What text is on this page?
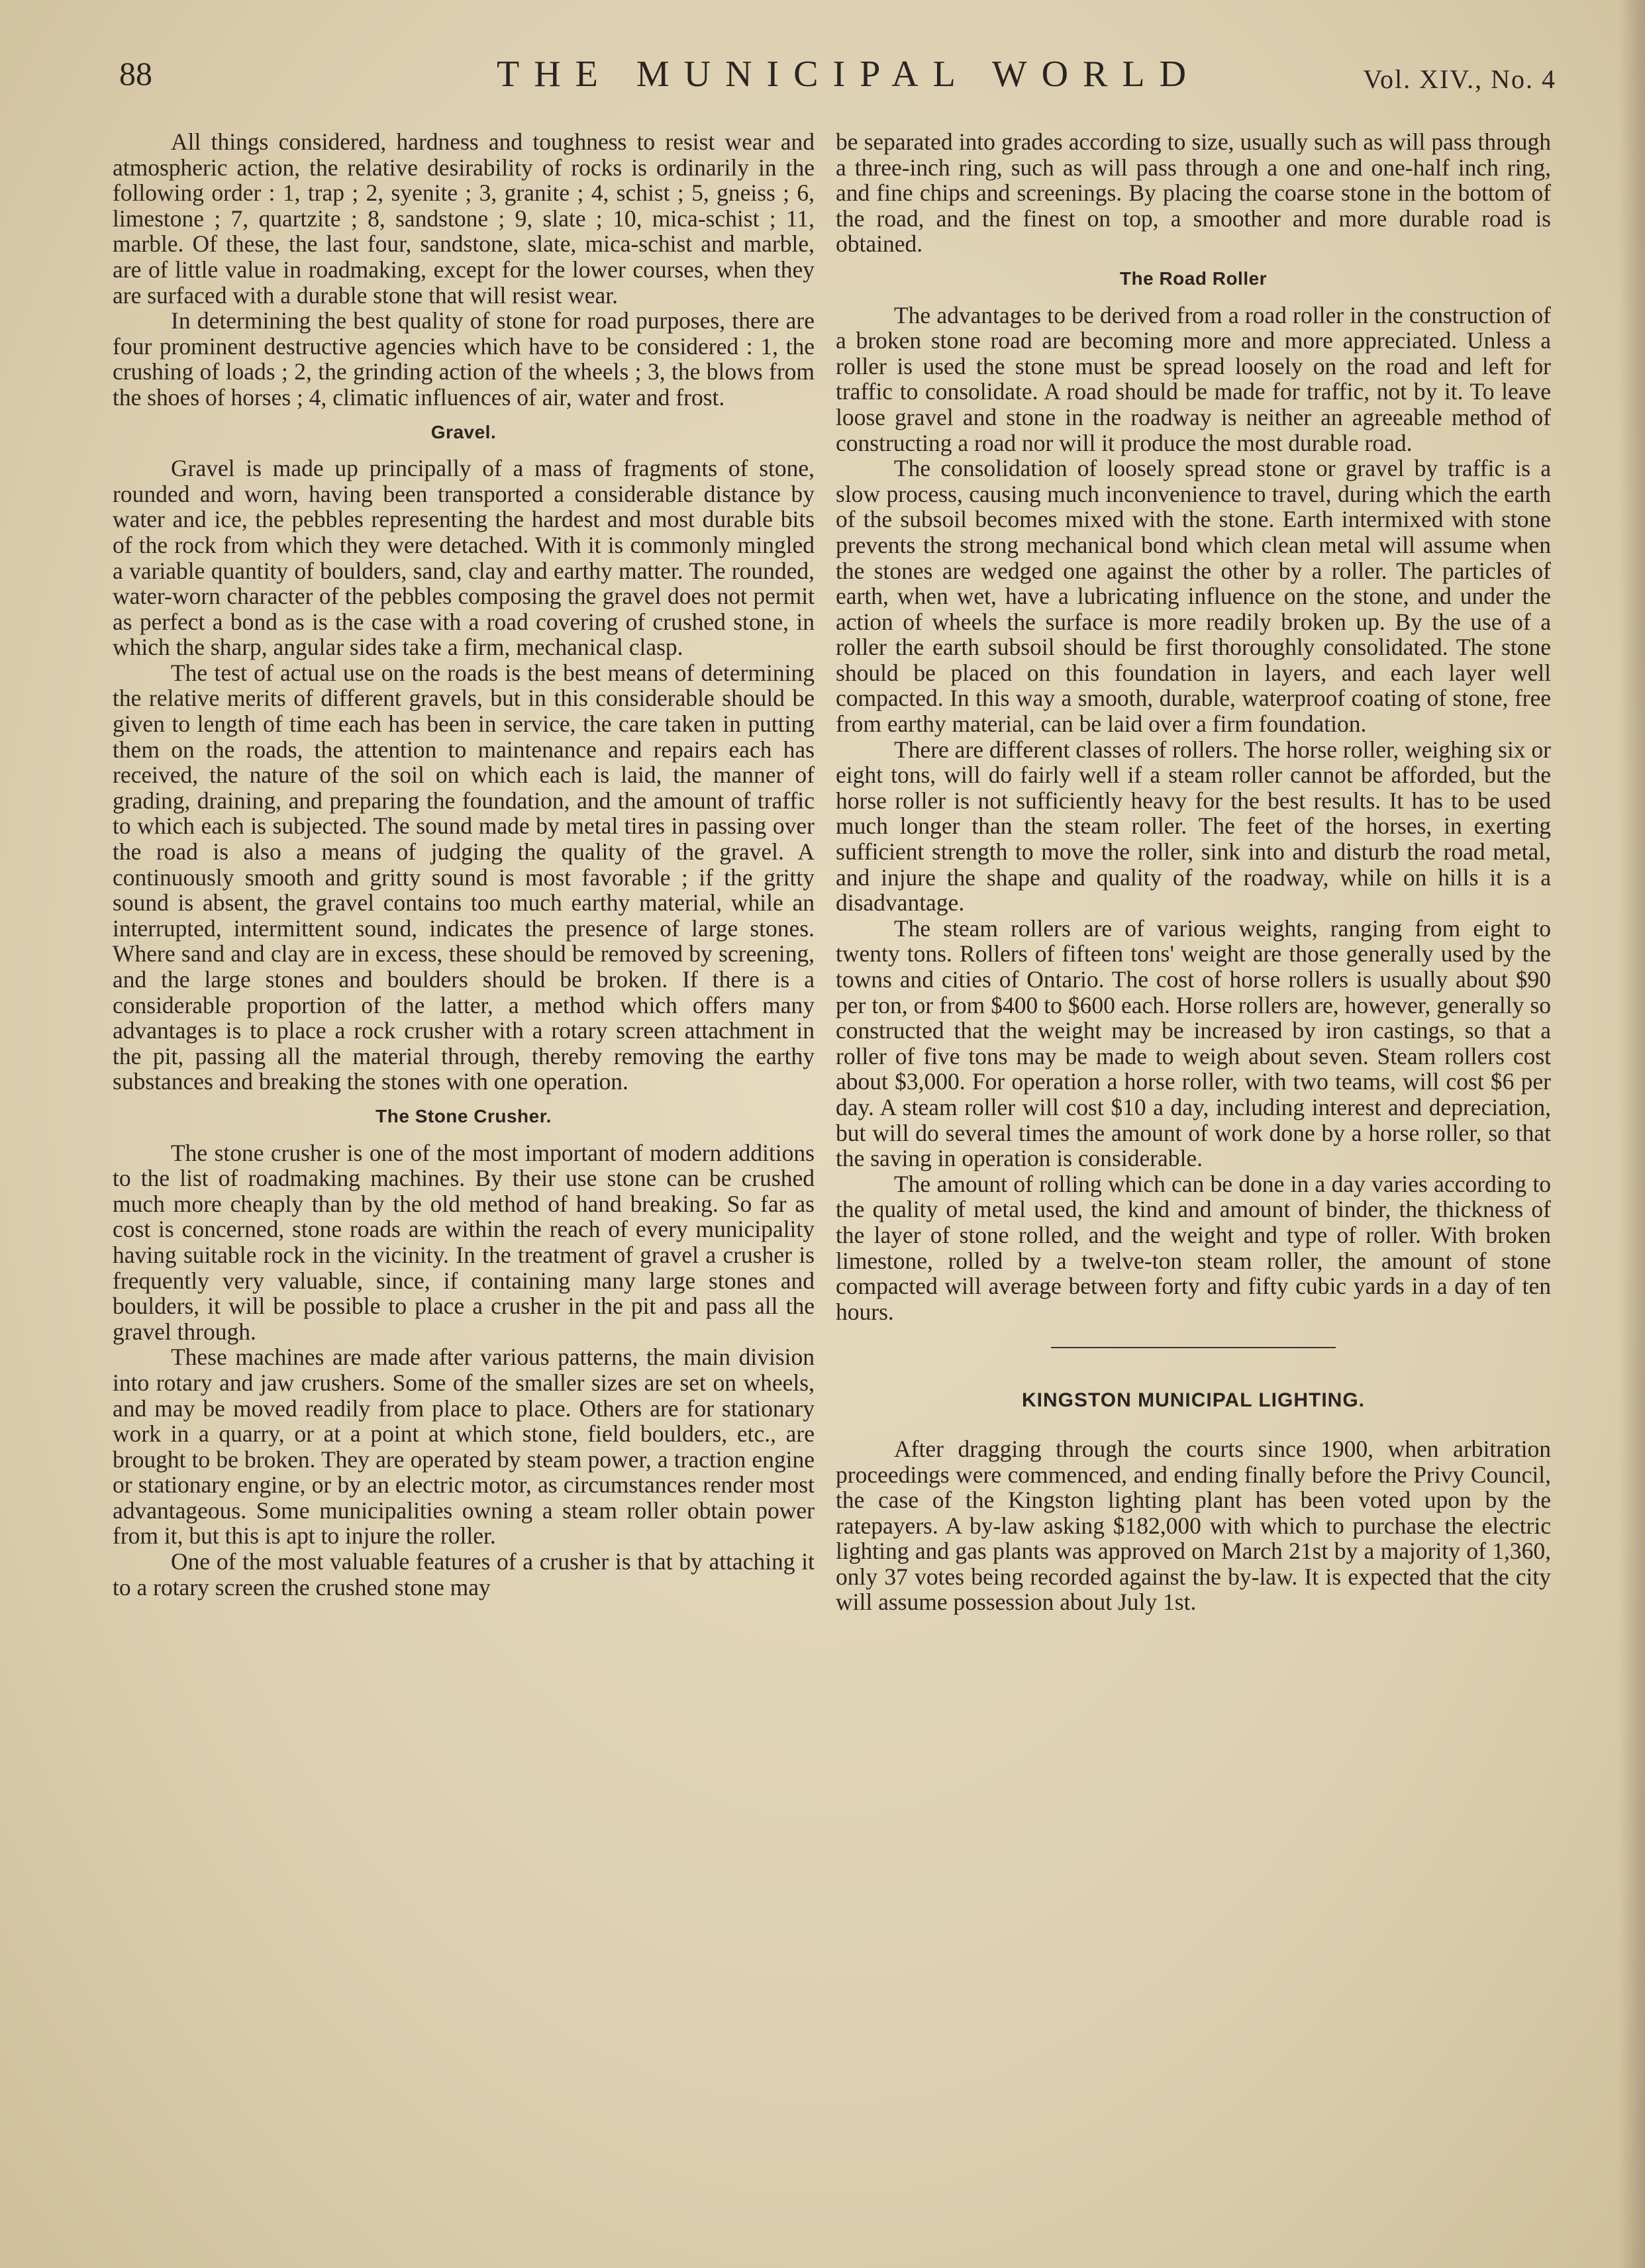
88	THE MUNICIPAL WORLD	Vol. XIV., No. 4

All things considered, hardness and toughness to resist wear and atmospheric action, the relative desirability of rocks is ordinarily in the following order : 1, trap ; 2, syenite ; 3, granite ; 4, schist ; 5, gneiss ; 6, limestone ; 7, quartzite ; 8, sandstone ; 9, slate ; 10, mica-schist ; 11, marble. Of these, the last four, sandstone, slate, mica-schist and marble, are of little value in roadmaking, except for the lower courses, when they are surfaced with a durable stone that will resist wear.

In determining the best quality of stone for road purposes, there are four prominent destructive agencies which have to be considered : 1, the crushing of loads ; 2, the grinding action of the wheels ; 3, the blows from the shoes of horses ; 4, climatic influences of air, water and frost.

Gravel.

Gravel is made up principally of a mass of fragments of stone, rounded and worn, having been transported a considerable distance by water and ice, the pebbles representing the hardest and most durable bits of the rock from which they were detached. With it is commonly mingled a variable quantity of boulders, sand, clay and earthy matter. The rounded, water-worn character of the pebbles composing the gravel does not permit as perfect a bond as is the case with a road covering of crushed stone, in which the sharp, angular sides take a firm, mechanical clasp.

The test of actual use on the roads is the best means of determining the relative merits of different gravels, but in this considerable should be given to length of time each has been in service, the care taken in putting them on the roads, the attention to maintenance and repairs each has received, the nature of the soil on which each is laid, the manner of grading, draining, and preparing the foundation, and the amount of traffic to which each is subjected. The sound made by metal tires in passing over the road is also a means of judging the quality of the gravel. A continuously smooth and gritty sound is most favorable ; if the gritty sound is absent, the gravel contains too much earthy material, while an interrupted, intermittent sound, indicates the presence of large stones. Where sand and clay are in excess, these should be removed by screening, and the large stones and boulders should be broken. If there is a considerable proportion of the latter, a method which offers many advantages is to place a rock crusher with a rotary screen attachment in the pit, passing all the material through, thereby removing the earthy substances and breaking the stones with one operation.

The Stone Crusher.

The stone crusher is one of the most important of modern additions to the list of roadmaking machines. By their use stone can be crushed much more cheaply than by the old method of hand breaking. So far as cost is concerned, stone roads are within the reach of every municipality having suitable rock in the vicinity. In the treatment of gravel a crusher is frequently very valuable, since, if containing many large stones and boulders, it will be possible to place a crusher in the pit and pass all the gravel through.

These machines are made after various patterns, the main division into rotary and jaw crushers. Some of the smaller sizes are set on wheels, and may be moved readily from place to place. Others are for stationary work in a quarry, or at a point at which stone, field boulders, etc., are brought to be broken. They are operated by steam power, a traction engine or stationary engine, or by an electric motor, as circumstances render most advantageous. Some municipalities owning a steam roller obtain power from it, but this is apt to injure the roller.

One of the most valuable features of a crusher is that by attaching it to a rotary screen the crushed stone may

be separated into grades according to size, usually such as will pass through a three-inch ring, such as will pass through a one and one-half inch ring, and fine chips and screenings. By placing the coarse stone in the bottom of the road, and the finest on top, a smoother and more durable road is obtained.

The Road Roller

The advantages to be derived from a road roller in the construction of a broken stone road are becoming more and more appreciated. Unless a roller is used the stone must be spread loosely on the road and left for traffic to consolidate. A road should be made for traffic, not by it. To leave loose gravel and stone in the roadway is neither an agreeable method of constructing a road nor will it produce the most durable road.

The consolidation of loosely spread stone or gravel by traffic is a slow process, causing much inconvenience to travel, during which the earth of the subsoil becomes mixed with the stone. Earth intermixed with stone prevents the strong mechanical bond which clean metal will assume when the stones are wedged one against the other by a roller. The particles of earth, when wet, have a lubricating influence on the stone, and under the action of wheels the surface is more readily broken up. By the use of a roller the earth subsoil should be first thoroughly consolidated. The stone should be placed on this foundation in layers, and each layer well compacted. In this way a smooth, durable, waterproof coating of stone, free from earthy material, can be laid over a firm foundation.

There are different classes of rollers. The horse roller, weighing six or eight tons, will do fairly well if a steam roller cannot be afforded, but the horse roller is not sufficiently heavy for the best results. It has to be used much longer than the steam roller. The feet of the horses, in exerting sufficient strength to move the roller, sink into and disturb the road metal, and injure the shape and quality of the roadway, while on hills it is a disadvantage.

The steam rollers are of various weights, ranging from eight to twenty tons. Rollers of fifteen tons' weight are those generally used by the towns and cities of Ontario. The cost of horse rollers is usually about $90 per ton, or from $400 to $600 each. Horse rollers are, however, generally so constructed that the weight may be increased by iron castings, so that a roller of five tons may be made to weigh about seven. Steam rollers cost about $3,000. For operation a horse roller, with two teams, will cost $6 per day. A steam roller will cost $10 a day, including interest and depreciation, but will do several times the amount of work done by a horse roller, so that the saving in operation is considerable.

The amount of rolling which can be done in a day varies according to the quality of metal used, the kind and amount of binder, the thickness of the layer of stone rolled, and the weight and type of roller. With broken limestone, rolled by a twelve-ton steam roller, the amount of stone compacted will average between forty and fifty cubic yards in a day of ten hours.

KINGSTON MUNICIPAL LIGHTING.

After dragging through the courts since 1900, when arbitration proceedings were commenced, and ending finally before the Privy Council, the case of the Kingston lighting plant has been voted upon by the ratepayers. A by-law asking $182,000 with which to purchase the electric lighting and gas plants was approved on March 21st by a majority of 1,360, only 37 votes being recorded against the by-law. It is expected that the city will assume possession about July 1st.
